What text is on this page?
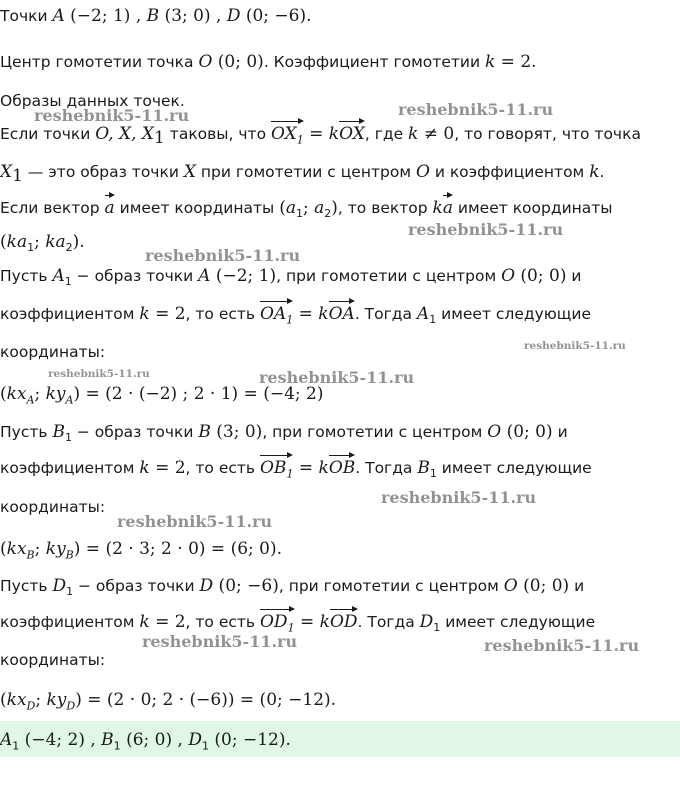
Точки A (−2; 1) , B (3; 0) , D (0; −6).
Центр гомотетии точка O (0; 0). Коэффициент гомотетии k = 2.
Образы данных точек.
Если точки O, X, $X_1$ таковы, что $OX_1$ = kOX, где k ≠ 0, то говорят, что точка
$X_1$ — это образ точки X при гомотетии с центром O и коэффициентом k.
Если вектор a имеет координаты ($a_1$; $a_2$), то вектор ka имеет координаты
($ka_1$; $ka_2$).
Пусть $A_1$ − образ точки A (−2; 1), при гомотетии с центром O (0; 0) и
коэффициентом k = 2, то есть $OA_1$ = kOA. Тогда $A_1$ имеет следующие
координаты:
($kx_A$; $ky_A) = (2 \cdot (-2)$ ; 2 · 1) = (−4; 2)
Пусть $B_1$ − образ точки B (3; 0), при гомотетии с центром O (0; 0) и
коэффициентом k = 2, то есть $OB_1$ = kOB. Тогда $B_1$ имеет следующие
координаты:
($kx_B$; $ky_B) = (2 \cdot 3$; 2 · 0) = (6; 0).
Пусть $D_1$ − образ точки D (0; −6), при гомотетии с центром O (0; 0) и
коэффициентом k = 2, то есть $OD_1$ = kOD. Тогда $D_1$ имеет следующие
координаты:
($kx_D$; $ky_D) = (2 \cdot 0$; 2 · (−6)) = (0; −12).
$A_1$ (−4; 2) , $B_1$ (6; 0) , $D_1$ (0; −12).
reshebnik5-11.ru	reshebnik5-11.ru
reshebnik5-11.ru
reshebnik5-11.ru
reshebnik5-11.ru
reshebnik5-11.ru	reshebnik5-11.ru
reshebnik5-11.ru
reshebnik5-11.ru
reshebnik5-11.ru	reshebnik5-11.ru
